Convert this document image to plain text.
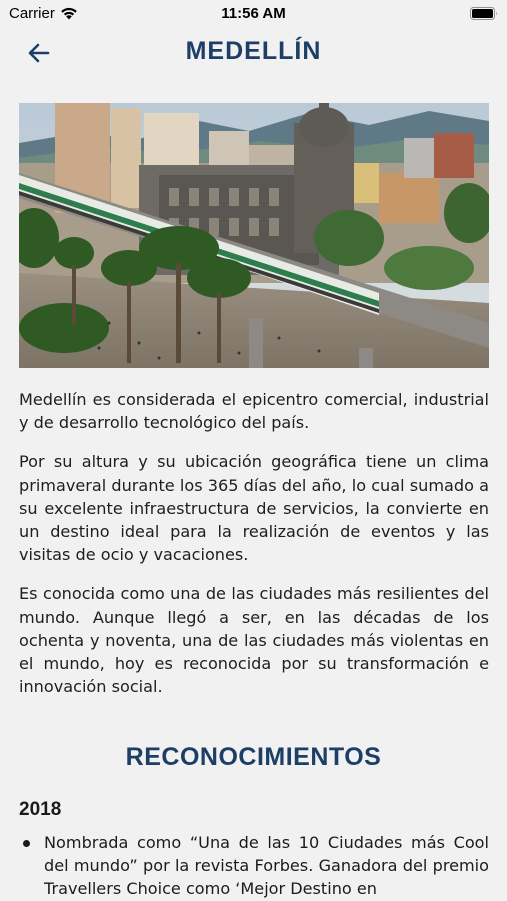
Carrier	11:56 AM
MEDELLÍN

Medellín es considerada el epicentro comercial, industrial y de desarrollo tecnológico del país.

Por su altura y su ubicación geográfica tiene un clima primaveral durante los 365 días del año, lo cual sumado a su excelente infraestructura de servicios, la convierte en un destino ideal para la realización de eventos y las visitas de ocio y vacaciones.

Es conocida como una de las ciudades más resilientes del mundo. Aunque llegó a ser, en las décadas de los ochenta y noventa, una de las ciudades más violentas en el mundo, hoy es reconocida por su transformación e innovación social.

RECONOCIMIENTOS
2018
Nombrada como “Una de las 10 Ciudades más Cool del mundo” por la revista Forbes. Ganadora del premio Travellers Choice como ‘Mejor Destino en
